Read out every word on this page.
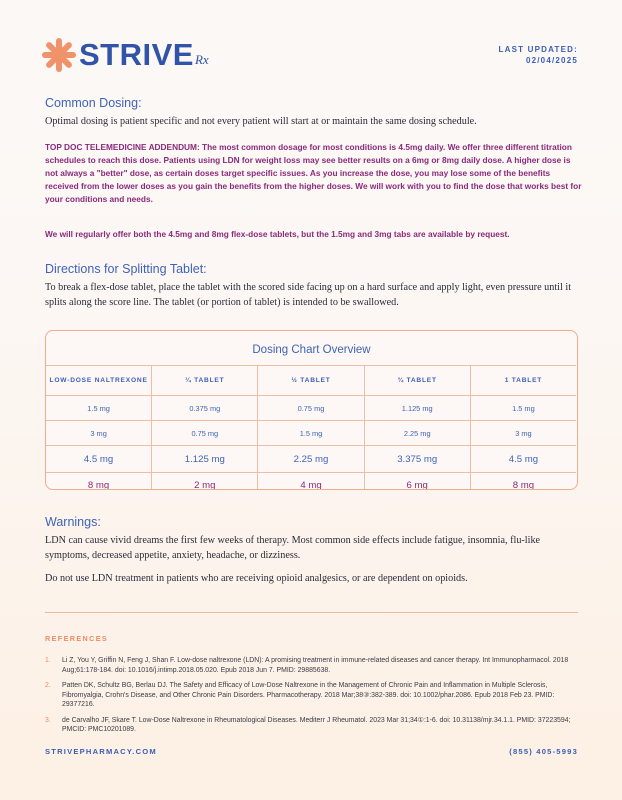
STRIVE Rx
LAST UPDATED:
02/04/2025
Common Dosing:

Optimal dosing is patient specific and not every patient will start at or maintain the same dosing schedule.

TOP DOC TELEMEDICINE ADDENDUM: The most common dosage for most conditions is 4.5mg daily. We offer three different titration schedules to reach this dose. Patients using LDN for weight loss may see better results on a 6mg or 8mg daily dose. A higher dose is not always a "better" dose, as certain doses target specific issues. As you increase the dose, you may lose some of the benefits received from the lower doses as you gain the benefits from the higher doses. We will work with you to find the dose that works best for your conditions and needs.

We will regularly offer both the 4.5mg and 8mg flex-dose tablets, but the 1.5mg and 3mg tabs are available by request.

Directions for Splitting Tablet:

To break a flex-dose tablet, place the tablet with the scored side facing up on a hard surface and apply light, even pressure until it splits along the score line. The tablet (or portion of tablet) is intended to be swallowed.

Dosing Chart Overview
LOW-DOSE NALTREXONE	¼ TABLET	½ TABLET	¾ TABLET	1 TABLET
1.5 mg	0.375 mg	0.75 mg	1.125 mg	1.5 mg
3 mg	0.75 mg	1.5 mg	2.25 mg	3 mg
4.5 mg	1.125 mg	2.25 mg	3.375 mg	4.5 mg
8 mg	2 mg	4 mg	6 mg	8 mg
Warnings:

LDN can cause vivid dreams the first few weeks of therapy. Most common side effects include fatigue, insomnia, flu-like symptoms, decreased appetite, anxiety, headache, or dizziness.

Do not use LDN treatment in patients who are receiving opioid analgesics, or are dependent on opioids.

REFERENCES
1.	Li Z, You Y, Griffin N, Feng J, Shan F. Low-dose naltrexone (LDN): A promising treatment in immune-related diseases and cancer therapy. Int Immunopharmacol. 2018 Aug;61:178-184. doi: 10.1016/j.intimp.2018.05.020. Epub 2018 Jun 7. PMID: 29885638.
2.	Patten DK, Schultz BG, Berlau DJ. The Safety and Efficacy of Low-Dose Naltrexone in the Management of Chronic Pain and Inflammation in Multiple Sclerosis, Fibromyalgia, Crohn's Disease, and Other Chronic Pain Disorders. Pharmacotherapy. 2018 Mar;38③:382-389. doi: 10.1002/phar.2086. Epub 2018 Feb 23. PMID: 29377216.
3.	de Carvalho JF, Skare T. Low-Dose Naltrexone in Rheumatological Diseases. Mediterr J Rheumatol. 2023 Mar 31;34①:1-6. doi: 10.31138/mjr.34.1.1. PMID: 37223594; PMCID: PMC10201089.
STRIVEPHARMACY.COM	(855) 405-5993
